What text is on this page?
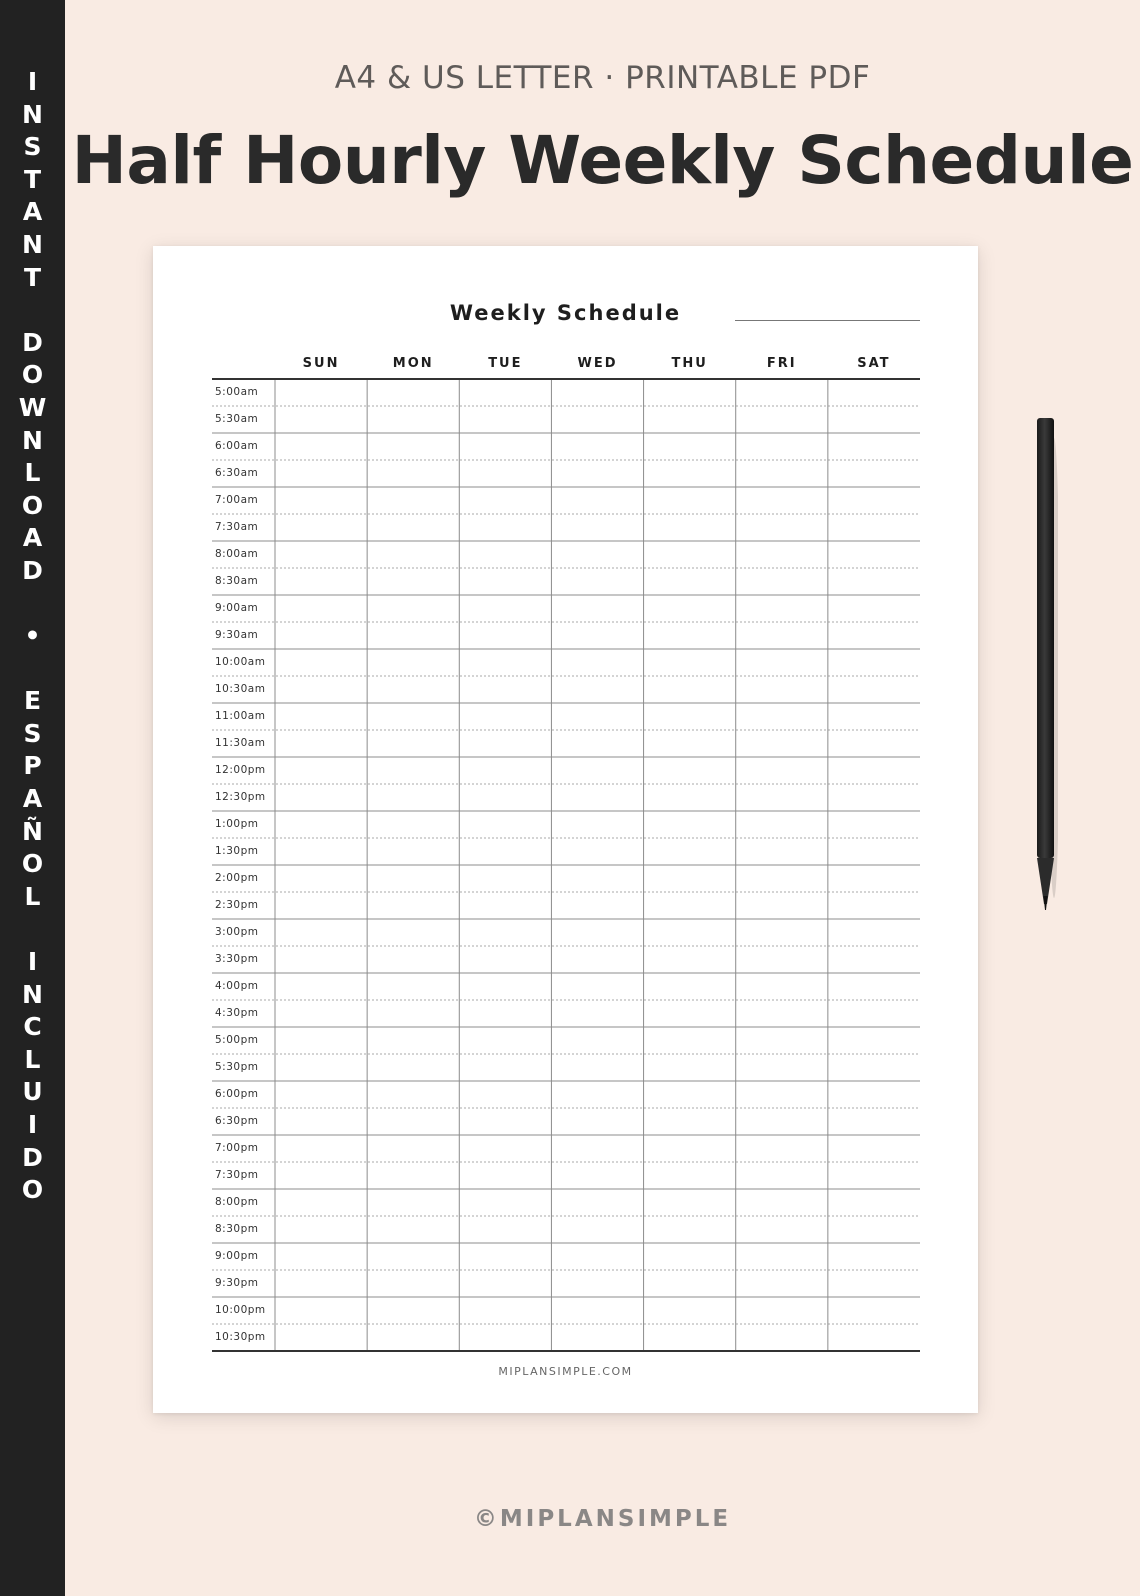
I
N
S
T
A
N
T

D
O
W
N
L
O
A
D

•

E
S
P
A
Ñ
O
L

I
N
C
L
U
I
D
O
A4 & US LETTER · PRINTABLE PDF
Half Hourly Weekly Schedule
Weekly Schedule
SUN	MON	TUE	WED	THU	FRI	SAT
5:00am
5:30am
6:00am
6:30am
7:00am
7:30am
8:00am
8:30am
9:00am
9:30am
10:00am
10:30am
11:00am
11:30am
12:00pm
12:30pm
1:00pm
1:30pm
2:00pm
2:30pm
3:00pm
3:30pm
4:00pm
4:30pm
5:00pm
5:30pm
6:00pm
6:30pm
7:00pm
7:30pm
8:00pm
8:30pm
9:00pm
9:30pm
10:00pm
10:30pm
MIPLANSIMPLE.COM
©MIPLANSIMPLE
